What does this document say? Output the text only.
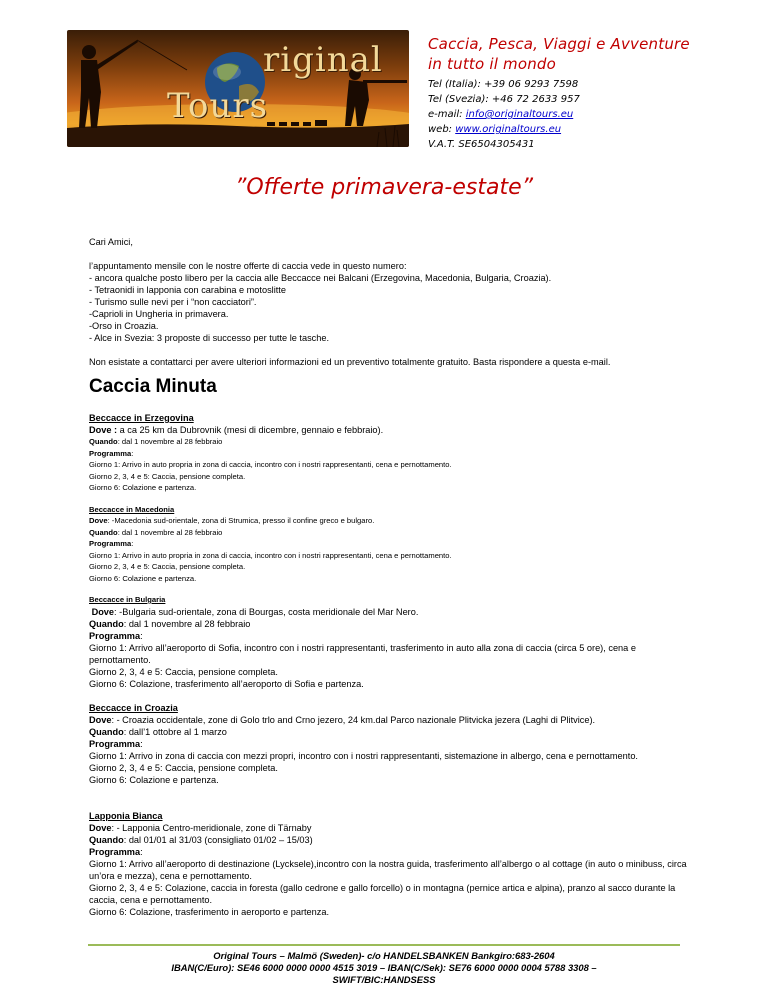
riginal
Tours
Caccia, Pesca, Viaggi e Avventure
in tutto il mondo
Tel (Italia): +39 06 9293 7598
Tel (Svezia): +46 72 2633 957
e-mail: info@originaltours.eu
web: www.originaltours.eu
V.A.T. SE6504305431
”Offerte primavera-estate”

Cari Amici,

l’appuntamento mensile con le nostre offerte di caccia vede in questo numero:

- ancora qualche posto libero per la caccia alle Beccacce nei Balcani (Erzegovina, Macedonia, Bulgaria, Croazia).

- Tetraonidi in lapponia con carabina e motoslitte

- Turismo sulle nevi per i “non cacciatori”.

-Caprioli in Ungheria in primavera.

-Orso in Croazia.

- Alce in Svezia: 3 proposte di successo per tutte le tasche.

Non esistate a contattarci per avere ulteriori informazioni ed un preventivo totalmente gratuito. Basta rispondere a questa e-mail.

Caccia Minuta

Beccacce in Erzegovina

Dove : a ca 25 km da Dubrovnik (mesi di dicembre, gennaio e febbraio).

Quando: dal 1 novembre al 28 febbraio

Programma:

Giorno 1: Arrivo in auto propria in zona di caccia, incontro con i nostri rappresentanti, cena e pernottamento.

Giorno 2, 3, 4 e 5: Caccia, pensione completa.

Giorno 6: Colazione e partenza.

Beccacce in Macedonia

Dove: -Macedonia sud-orientale, zona di Strumica, presso il confine greco e bulgaro.

Quando: dal 1 novembre al 28 febbraio

Programma:

Giorno 1: Arrivo in auto propria in zona di caccia, incontro con i nostri rappresentanti, cena e pernottamento.

Giorno 2, 3, 4 e 5: Caccia, pensione completa.

Giorno 6: Colazione e partenza.

Beccacce in Bulgaria

Dove: -Bulgaria sud-orientale, zona di Bourgas, costa meridionale del Mar Nero.

Quando: dal 1 novembre al 28 febbraio

Programma:

Giorno 1: Arrivo all’aeroporto di Sofia, incontro con i nostri rappresentanti, trasferimento in auto alla zona di caccia (circa 5 ore), cena e pernottamento.

Giorno 2, 3, 4 e 5: Caccia, pensione completa.

Giorno 6: Colazione, trasferimento all’aeroporto di Sofia e partenza.

Beccacce in Croazia

Dove: - Croazia occidentale, zone di Golo trlo and Crno jezero, 24 km.dal Parco nazionale Plitvicka jezera (Laghi di Plitvice).

Quando: dall’1 ottobre al 1 marzo

Programma:

Giorno 1: Arrivo in zona di caccia con mezzi propri, incontro con i nostri rappresentanti, sistemazione in albergo, cena e pernottamento.

Giorno 2, 3, 4 e 5: Caccia, pensione completa.

Giorno 6: Colazione e partenza.

Lapponia Bianca

Dove: - Lapponia Centro-meridionale, zone di Tärnaby

Quando: dal 01/01 al 31/03 (consigliato 01/02 – 15/03)

Programma:

Giorno 1: Arrivo all’aeroporto di destinazione (Lycksele),incontro con la nostra guida, trasferimento all’albergo o al cottage (in auto o minibuss, circa un’ora e mezza), cena e pernottamento.

Giorno 2, 3, 4 e 5: Colazione, caccia in foresta (gallo cedrone e gallo forcello) o in montagna (pernice artica e alpina), pranzo al sacco durante la caccia, cena e pernottamento.

Giorno 6: Colazione, trasferimento in aeroporto e partenza.

Original Tours – Malmö (Sweden)- c/o HANDELSBANKEN Bankgiro:683-2604
IBAN(C/Euro): SE46 6000 0000 0000 4515 3019 – IBAN(C/Sek): SE76 6000 0000 0004 5788 3308 –
SWIFT/BIC:HANDSESS
